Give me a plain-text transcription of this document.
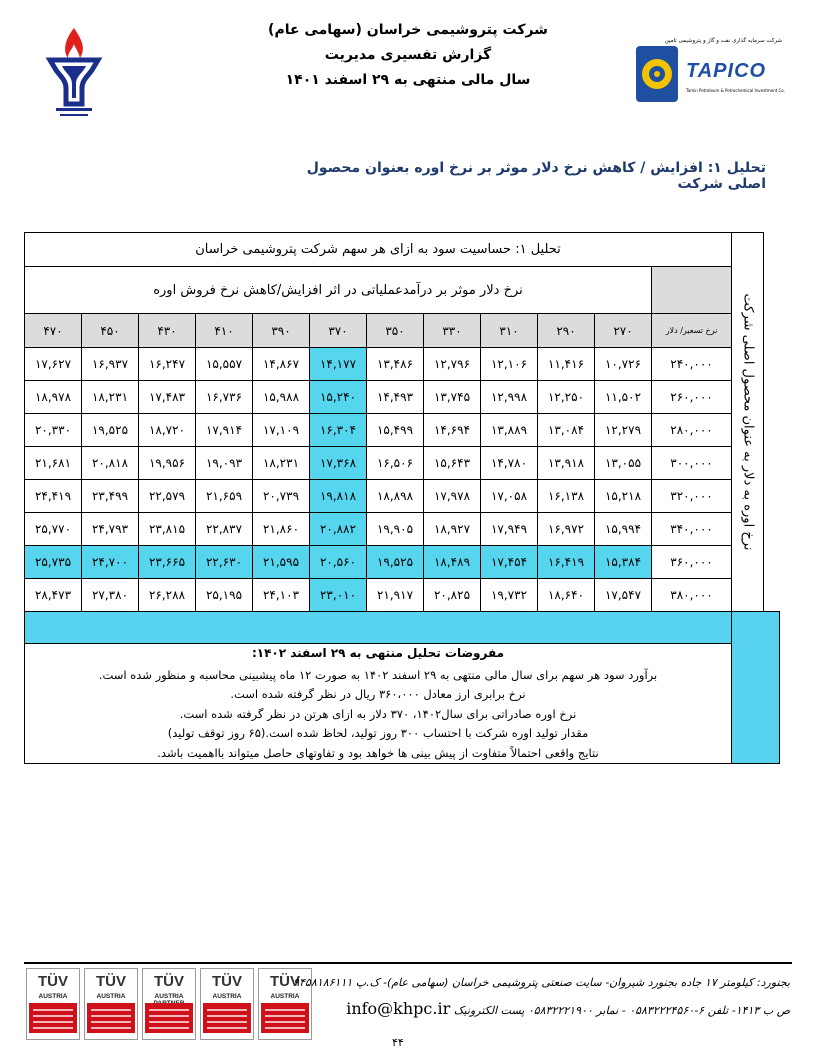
شرکت پتروشیمی خراسان (سهامی عام)
گزارش تفسیری مدیریت
سال مالی منتهی به ۲۹ اسفند ۱۴۰۱
شرکت سرمایه گذاری نفت و گاز و پتروشیمی تامین
TAPICO
Tamin Petroleum & Petrochemical Investment Co.
تحلیل ۱: افزایش / کاهش نرخ دلار موثر بر نرخ اوره بعنوان محصول اصلی شرکت
تحلیل ۱: حساسیت سود به ازای هر سهم شرکت پتروشیمی خراسان												نرخ اوره به دلار به عنوان محصول اصلی شرکت

نرخ دلار موثر بر درآمدعملیاتی در اثر افزایش/کاهش نرخ فروش اوره												
۴۷۰	۴۵۰	۴۳۰	۴۱۰	۳۹۰	۳۷۰	۳۵۰	۳۳۰	۳۱۰	۲۹۰	۲۷۰	نرخ تسعیر/ دلار	
۱۷,۶۲۷	۱۶,۹۳۷	۱۶,۲۴۷	۱۵,۵۵۷	۱۴,۸۶۷	۱۴,۱۷۷	۱۳,۴۸۶	۱۲,۷۹۶	۱۲,۱۰۶	۱۱,۴۱۶	۱۰,۷۲۶	۲۴۰,۰۰۰	
۱۸,۹۷۸	۱۸,۲۳۱	۱۷,۴۸۳	۱۶,۷۳۶	۱۵,۹۸۸	۱۵,۲۴۰	۱۴,۴۹۳	۱۳,۷۴۵	۱۲,۹۹۸	۱۲,۲۵۰	۱۱,۵۰۲	۲۶۰,۰۰۰	
۲۰,۳۳۰	۱۹,۵۲۵	۱۸,۷۲۰	۱۷,۹۱۴	۱۷,۱۰۹	۱۶,۳۰۴	۱۵,۴۹۹	۱۴,۶۹۴	۱۳,۸۸۹	۱۳,۰۸۴	۱۲,۲۷۹	۲۸۰,۰۰۰	
۲۱,۶۸۱	۲۰,۸۱۸	۱۹,۹۵۶	۱۹,۰۹۳	۱۸,۲۳۱	۱۷,۳۶۸	۱۶,۵۰۶	۱۵,۶۴۳	۱۴,۷۸۰	۱۳,۹۱۸	۱۳,۰۵۵	۳۰۰,۰۰۰	
۲۴,۴۱۹	۲۳,۴۹۹	۲۲,۵۷۹	۲۱,۶۵۹	۲۰,۷۳۹	۱۹,۸۱۸	۱۸,۸۹۸	۱۷,۹۷۸	۱۷,۰۵۸	۱۶,۱۳۸	۱۵,۲۱۸	۳۲۰,۰۰۰	
۲۵,۷۷۰	۲۴,۷۹۳	۲۳,۸۱۵	۲۲,۸۳۷	۲۱,۸۶۰	۲۰,۸۸۲	۱۹,۹۰۵	۱۸,۹۲۷	۱۷,۹۴۹	۱۶,۹۷۲	۱۵,۹۹۴	۳۴۰,۰۰۰	
۲۵,۷۳۵	۲۴,۷۰۰	۲۳,۶۶۵	۲۲,۶۳۰	۲۱,۵۹۵	۲۰,۵۶۰	۱۹,۵۲۵	۱۸,۴۸۹	۱۷,۴۵۴	۱۶,۴۱۹	۱۵,۳۸۴	۳۶۰,۰۰۰	
۲۸,۴۷۳	۲۷,۳۸۰	۲۶,۲۸۸	۲۵,۱۹۵	۲۴,۱۰۳	۲۳,۰۱۰	۲۱,۹۱۷	۲۰,۸۲۵	۱۹,۷۳۲	۱۸,۶۴۰	۱۷,۵۴۷	۳۸۰,۰۰۰	

مفروضات تحلیل منتهی به ۲۹ اسفند ۱۴۰۲:
برآورد سود هر سهم برای سال مالی منتهی به ۲۹ اسفند ۱۴۰۲ به صورت ۱۲ ماه پیشبینی محاسبه و منظور شده است.
نرخ برابری ارز معادل ۳۶۰،۰۰۰ ریال در نظر گرفته شده است.
نرخ اوره صادراتی برای سال۱۴۰۲، ۳۷۰ دلار به ازای هرتن در نظر گرفته شده است.
مقدار تولید اوره شرکت با احتساب ۳۰۰ روز تولید، لحاظ شده است.(۶۵ روز توقف تولید)
نتایج واقعی احتمالاً متفاوت از پیش بینی ها خواهد بود و تفاوتهای حاصل میتواند بااهمیت باشد.
TÜV
AUSTRIA
TÜV
AUSTRIA
TÜV
AUSTRIA
TÜV
AUSTRIA
TÜV
AUSTRIA
بجنورد: کیلومتر ۱۷ جاده بجنورد شیروان- سایت صنعتی پتروشیمی خراسان (سهامی عام)- ک.پ ۹۴۵۸۱۸۶۱۱۱
ص ب ۱۴۱۳- تلفن ۶-۰۵۸۳۲۲۲۴۵۶۰ - نمابر ۰۵۸۳۲۲۲۱۹۰۰ پست الکترونیک info@khpc.ir
۴۴
